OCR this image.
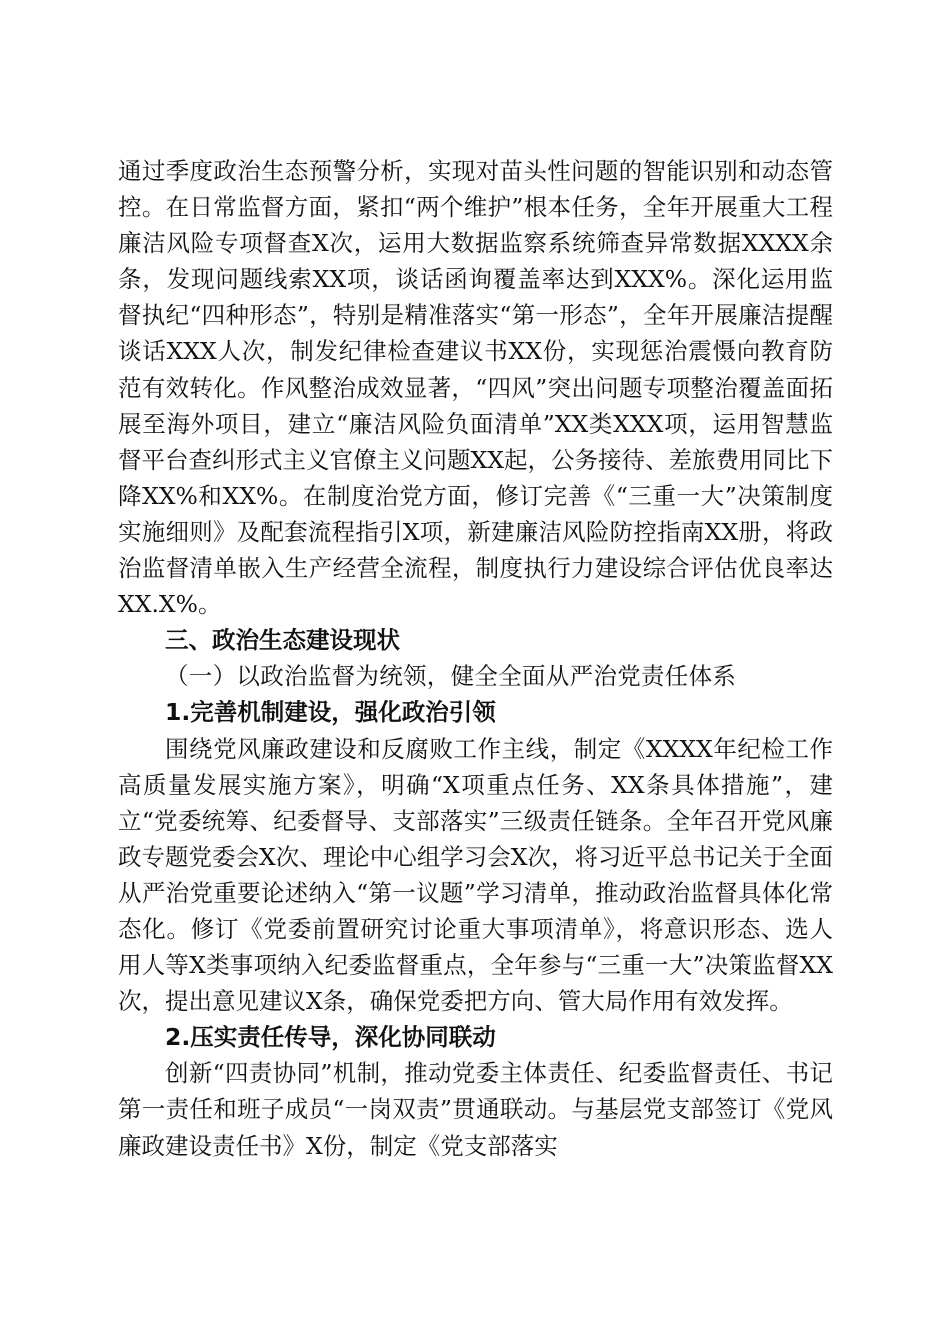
通过季度政治生态预警分析，实现对苗头性问题的智能识别和动态管控。在日常监督方面，紧扣“两个维护”根本任务，全年开展重大工程廉洁风险专项督查X次，运用大数据监察系统筛查异常数据XXXX余条，发现问题线索XX项，谈话函询覆盖率达到XXX%。深化运用监督执纪“四种形态”，特别是精准落实“第一形态”，全年开展廉洁提醒谈话XXX人次，制发纪律检查建议书XX份，实现惩治震慑向教育防范有效转化。作风整治成效显著，“四风”突出问题专项整治覆盖面拓展至海外项目，建立“廉洁风险负面清单”XX类XXX项，运用智慧监督平台查纠形式主义官僚主义问题XX起，公务接待、差旅费用同比下降XX%和XX%。在制度治党方面，修订完善《“三重一大”决策制度实施细则》及配套流程指引X项，新建廉洁风险防控指南XX册，将政治监督清单嵌入生产经营全流程，制度执行力建设综合评估优良率达XX.X%。

三、政治生态建设现状

（一）以政治监督为统领，健全全面从严治党责任体系

1.完善机制建设，强化政治引领

围绕党风廉政建设和反腐败工作主线，制定《XXXX年纪检工作高质量发展实施方案》，明确“X项重点任务、XX条具体措施”，建立“党委统筹、纪委督导、支部落实”三级责任链条。全年召开党风廉政专题党委会X次、理论中心组学习会X次，将习近平总书记关于全面从严治党重要论述纳入“第一议题”学习清单，推动政治监督具体化常态化。修订《党委前置研究讨论重大事项清单》，将意识形态、选人用人等X类事项纳入纪委监督重点，全年参与“三重一大”决策监督XX次，提出意见建议X条，确保党委把方向、管大局作用有效发挥。

2.压实责任传导，深化协同联动

创新“四责协同”机制，推动党委主体责任、纪委监督责任、书记第一责任和班子成员“一岗双责”贯通联动。与基层党支部签订《党风廉政建设责任书》X份，制定《党支部落实
